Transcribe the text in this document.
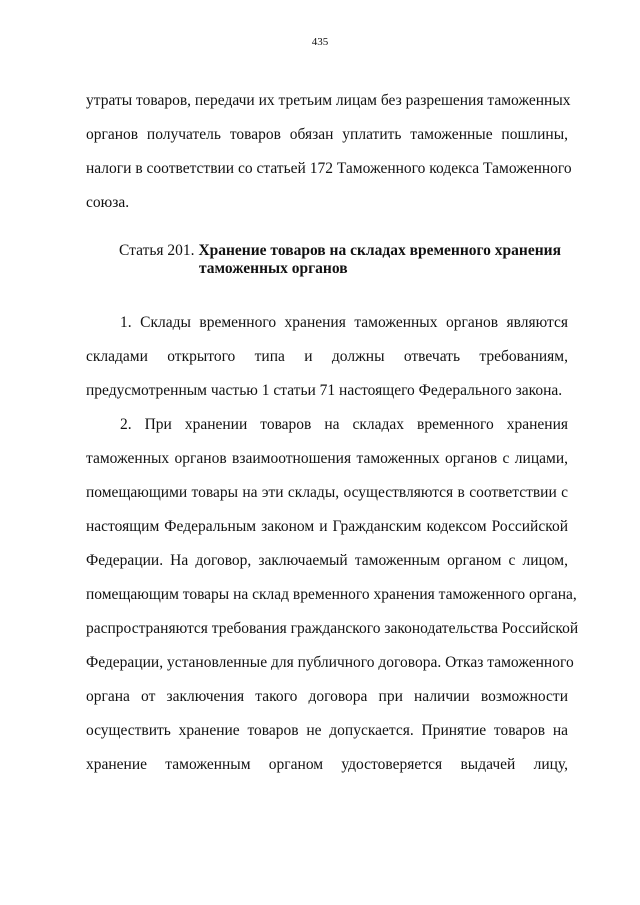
435
утраты товаров, передачи их третьим лицам без разрешения таможенных
органов получатель товаров обязан уплатить таможенные пошлины,
налоги в соответствии со статьей 172 Таможенного кодекса Таможенного
союза.
Статья 201. Хранение товаров на складах временного хранения
таможенных органов
1. Склады временного хранения таможенных органов являются
складами открытого типа и должны отвечать требованиям,
предусмотренным частью 1 статьи 71 настоящего Федерального закона.
2. При хранении товаров на складах временного хранения
таможенных органов взаимоотношения таможенных органов с лицами,
помещающими товары на эти склады, осуществляются в соответствии с
настоящим Федеральным законом и Гражданским кодексом Российской
Федерации. На договор, заключаемый таможенным органом с лицом,
помещающим товары на склад временного хранения таможенного органа,
распространяются требования гражданского законодательства Российской
Федерации, установленные для публичного договора. Отказ таможенного
органа от заключения такого договора при наличии возможности
осуществить хранение товаров не допускается. Принятие товаров на
хранение таможенным органом удостоверяется выдачей лицу,
